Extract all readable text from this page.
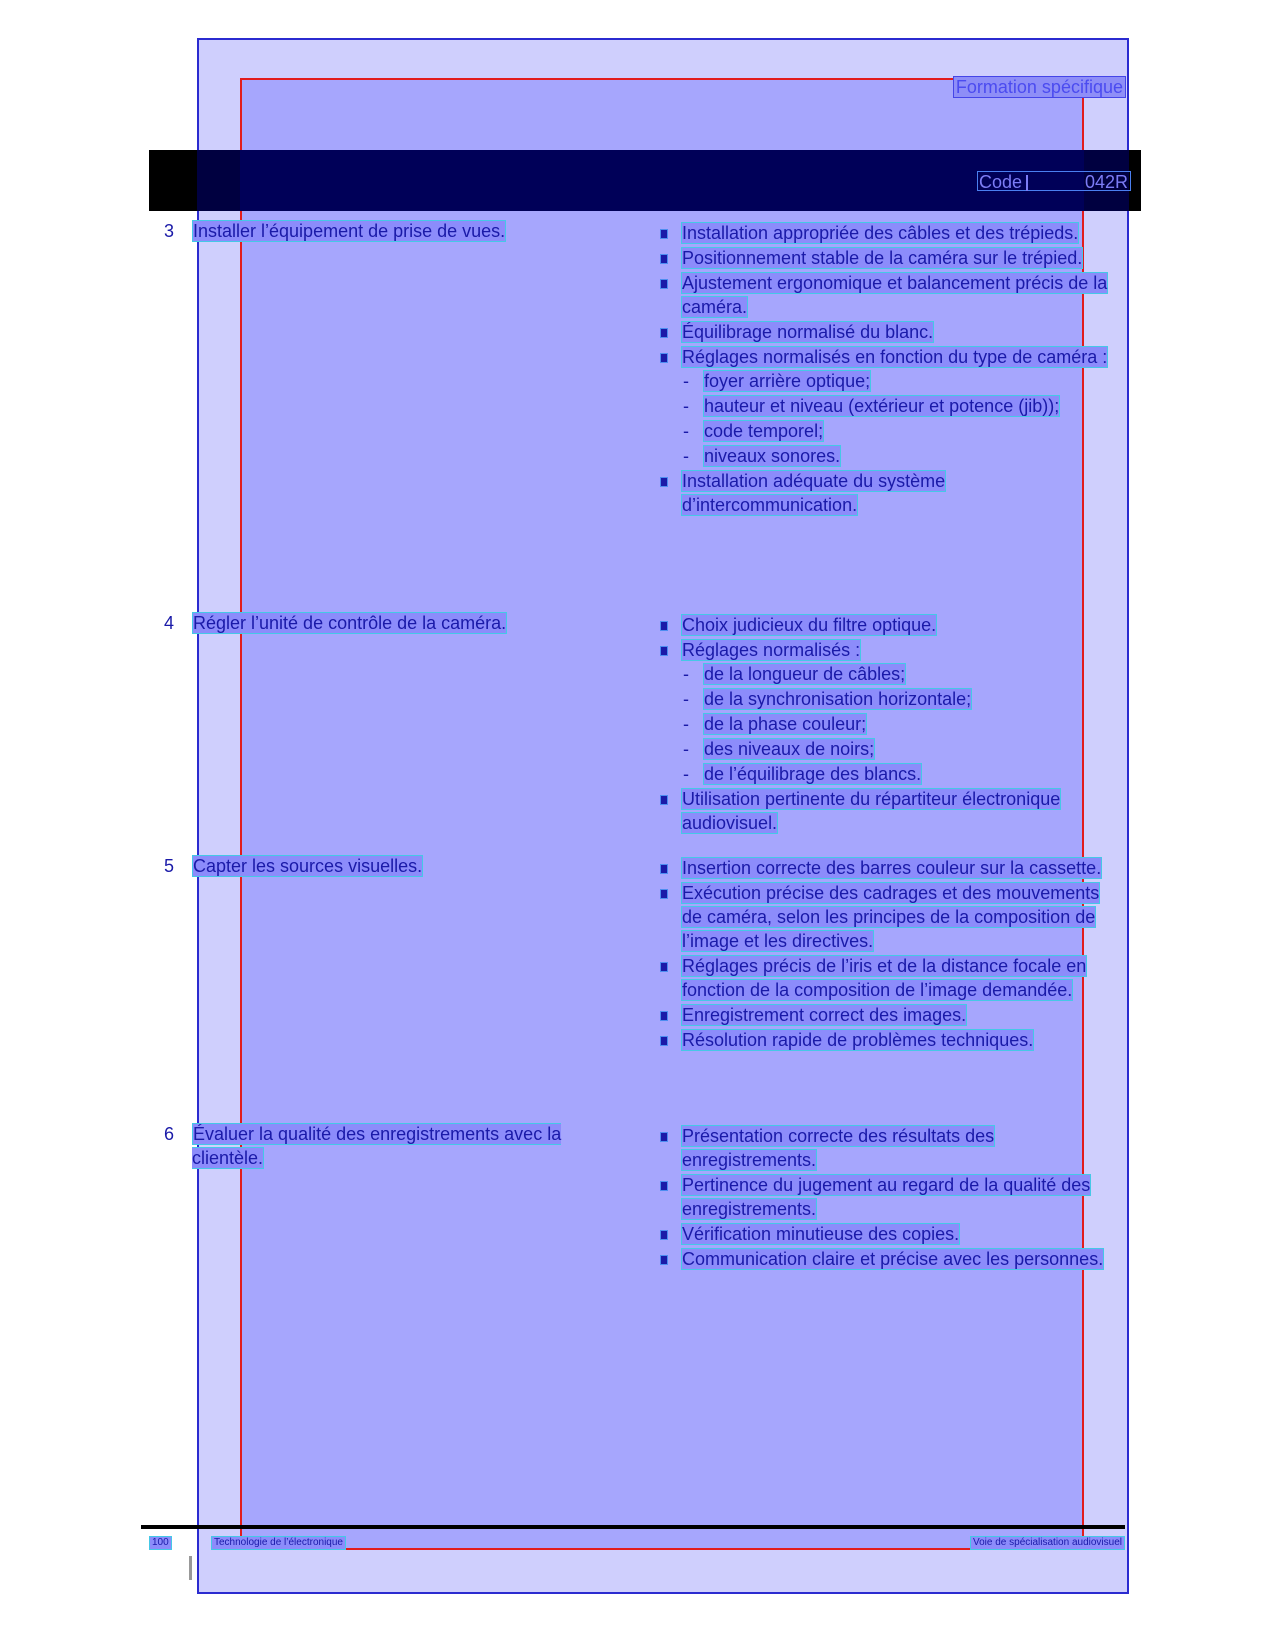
Formation spécifique
Code	042R
3	Installer l’équipement de prise de vues.	Installation appropriée des câbles et des trépieds.
Positionnement stable de la caméra sur le trépied.
Ajustement ergonomique et balancement précis de la caméra.
Équilibrage normalisé du blanc.
Réglages normalisés en fonction du type de caméra :
- foyer arrière optique;
- hauteur et niveau (extérieur et potence (jib));
- code temporel;
- niveaux sonores.
Installation adéquate du système d’intercommunication.
4	Régler l’unité de contrôle de la caméra.	Choix judicieux du filtre optique.
Réglages normalisés :
- de la longueur de câbles;
- de la synchronisation horizontale;
- de la phase couleur;
- des niveaux de noirs;
- de l’équilibrage des blancs.
Utilisation pertinente du répartiteur électronique audiovisuel.
5	Capter les sources visuelles.	Insertion correcte des barres couleur sur la cassette.
Exécution précise des cadrages et des mouvements de caméra, selon les principes de la composition de l’image et les directives.
Réglages précis de l’iris et de la distance focale en fonction de la composition de l’image demandée.
Enregistrement correct des images.
Résolution rapide de problèmes techniques.
6	Évaluer la qualité des enregistrements avec la clientèle.
Présentation correcte des résultats des enregistrements.
Pertinence du jugement au regard de la qualité des enregistrements.
Vérification minutieuse des copies.
Communication claire et précise avec les personnes.
100	Technologie de l’électronique	Voie de spécialisation audiovisuel
